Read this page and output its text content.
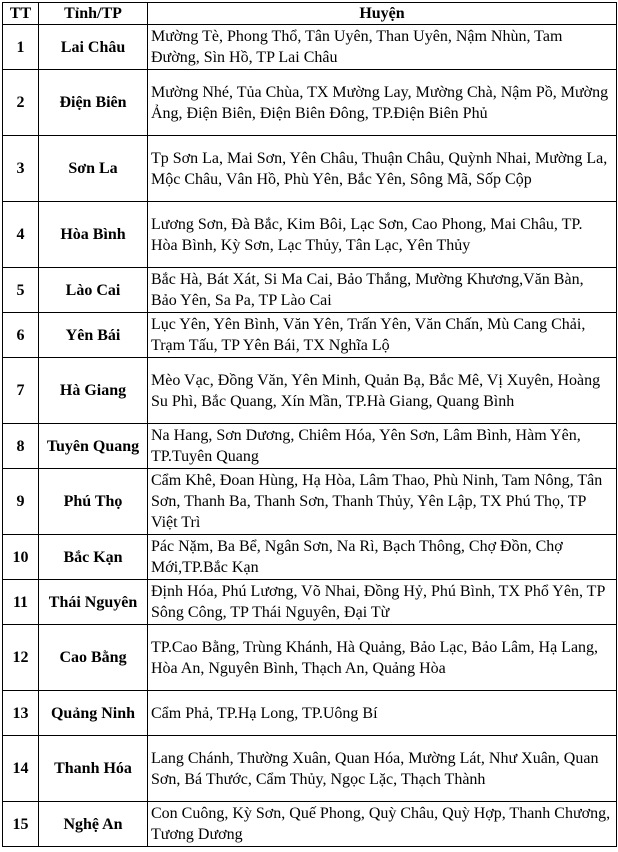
TT	Tỉnh/TP	Huyện
1	Lai Châu	Mường Tè, Phong Thổ, Tân Uyên, Than Uyên, Nậm Nhùn, Tam Đường, Sìn Hồ, TP Lai Châu
2	Điện Biên	Mường Nhé, Tủa Chùa, TX Mường Lay, Mường Chà, Nậm Pồ, Mường Ảng, Điện Biên, Điện Biên Đông, TP.Điện Biên Phủ
3	Sơn La	Tp Sơn La, Mai Sơn, Yên Châu, Thuận Châu, Quỳnh Nhai, Mường La, Mộc Châu, Vân Hồ, Phù Yên, Bắc Yên, Sông Mã, Sốp Cộp
4	Hòa Bình	Lương Sơn, Đà Bắc, Kim Bôi, Lạc Sơn, Cao Phong, Mai Châu, TP. Hòa Bình, Kỳ Sơn, Lạc Thủy, Tân Lạc, Yên Thủy
5	Lào Cai	Bắc Hà, Bát Xát, Si Ma Cai, Bảo Thắng, Mường Khương,Văn Bàn, Bảo Yên, Sa Pa, TP Lào Cai
6	Yên Bái	Lục Yên, Yên Bình, Văn Yên, Trấn Yên, Văn Chấn, Mù Cang Chải, Trạm Tấu, TP Yên Bái, TX Nghĩa Lộ
7	Hà Giang	Mèo Vạc, Đồng Văn, Yên Minh, Quản Bạ, Bắc Mê, Vị Xuyên, Hoàng Su Phì, Bắc Quang, Xín Mần, TP.Hà Giang, Quang Bình
8	Tuyên Quang	Na Hang, Sơn Dương, Chiêm Hóa, Yên Sơn, Lâm Bình, Hàm Yên, TP.Tuyên Quang
9	Phú Thọ	Cẩm Khê, Đoan Hùng, Hạ Hòa, Lâm Thao, Phù Ninh, Tam Nông, Tân Sơn, Thanh Ba, Thanh Sơn, Thanh Thủy, Yên Lập, TX Phú Thọ, TP Việt Trì
10	Bắc Kạn	Pác Nặm, Ba Bể, Ngân Sơn, Na Rì, Bạch Thông, Chợ Đồn, Chợ Mới,TP.Bắc Kạn
11	Thái Nguyên	Định Hóa, Phú Lương, Võ Nhai, Đồng Hỷ, Phú Bình, TX Phổ Yên, TP Sông Công, TP Thái Nguyên, Đại Từ
12	Cao Bằng	TP.Cao Bằng, Trùng Khánh, Hà Quảng, Bảo Lạc, Bảo Lâm, Hạ Lang, Hòa An, Nguyên Bình, Thạch An, Quảng Hòa
13	Quảng Ninh	Cẩm Phả, TP.Hạ Long, TP.Uông Bí
14	Thanh Hóa	Lang Chánh, Thường Xuân, Quan Hóa, Mường Lát, Như Xuân, Quan Sơn, Bá Thước, Cẩm Thủy, Ngọc Lặc, Thạch Thành
15	Nghệ An	Con Cuông, Kỳ Sơn, Quế Phong, Quỳ Châu, Quỳ Hợp, Thanh Chương, Tương Dương
